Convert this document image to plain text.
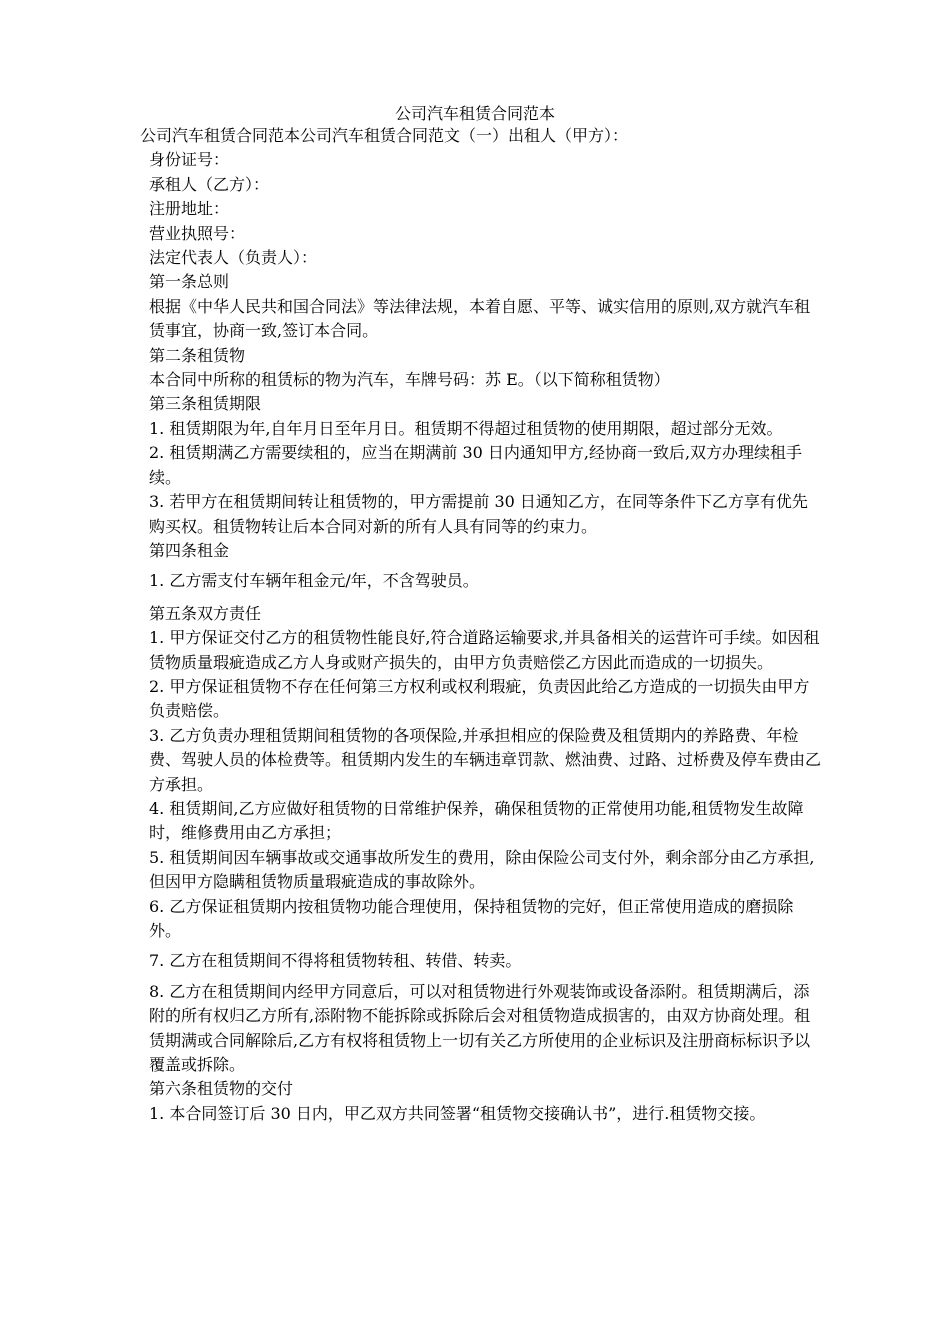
公司汽车租赁合同范本

公司汽车租赁合同范本公司汽车租赁合同范文（一）出租人（甲方）：

身份证号：

承租人（乙方）：

注册地址：

营业执照号：

法定代表人（负责人）：

第一条总则

根据《中华人民共和国合同法》等法律法规，本着自愿、平等、诚实信用的原则,双方就汽车租赁事宜，协商一致,签订本合同。

第二条租赁物

本合同中所称的租赁标的物为汽车，车牌号码：苏 E。（以下简称租赁物）

第三条租赁期限

1. 租赁期限为年,自年月日至年月日。租赁期不得超过租赁物的使用期限，超过部分无效。

2. 租赁期满乙方需要续租的，应当在期满前 30 日内通知甲方,经协商一致后,双方办理续租手续。

3. 若甲方在租赁期间转让租赁物的，甲方需提前 30 日通知乙方，在同等条件下乙方享有优先购买权。租赁物转让后本合同对新的所有人具有同等的约束力。

第四条租金

1. 乙方需支付车辆年租金元/年，不含驾驶员。

第五条双方责任

1. 甲方保证交付乙方的租赁物性能良好,符合道路运输要求,并具备相关的运营许可手续。如因租赁物质量瑕疵造成乙方人身或财产损失的，由甲方负责赔偿乙方因此而造成的一切损失。

2. 甲方保证租赁物不存在任何第三方权利或权利瑕疵，负责因此给乙方造成的一切损失由甲方负责赔偿。

3. 乙方负责办理租赁期间租赁物的各项保险,并承担相应的保险费及租赁期内的养路费、年检费、驾驶人员的体检费等。租赁期内发生的车辆违章罚款、燃油费、过路、过桥费及停车费由乙方承担。

4. 租赁期间,乙方应做好租赁物的日常维护保养，确保租赁物的正常使用功能,租赁物发生故障时，维修费用由乙方承担；

5. 租赁期间因车辆事故或交通事故所发生的费用，除由保险公司支付外，剩余部分由乙方承担,但因甲方隐瞒租赁物质量瑕疵造成的事故除外。

6. 乙方保证租赁期内按租赁物功能合理使用，保持租赁物的完好，但正常使用造成的磨损除外。

7. 乙方在租赁期间不得将租赁物转租、转借、转卖。

8. 乙方在租赁期间内经甲方同意后，可以对租赁物进行外观装饰或设备添附。租赁期满后，添附的所有权归乙方所有,添附物不能拆除或拆除后会对租赁物造成损害的，由双方协商处理。租赁期满或合同解除后,乙方有权将租赁物上一切有关乙方所使用的企业标识及注册商标标识予以覆盖或拆除。

第六条租赁物的交付

1. 本合同签订后 30 日内，甲乙双方共同签署“租赁物交接确认书”，进行.租赁物交接。
